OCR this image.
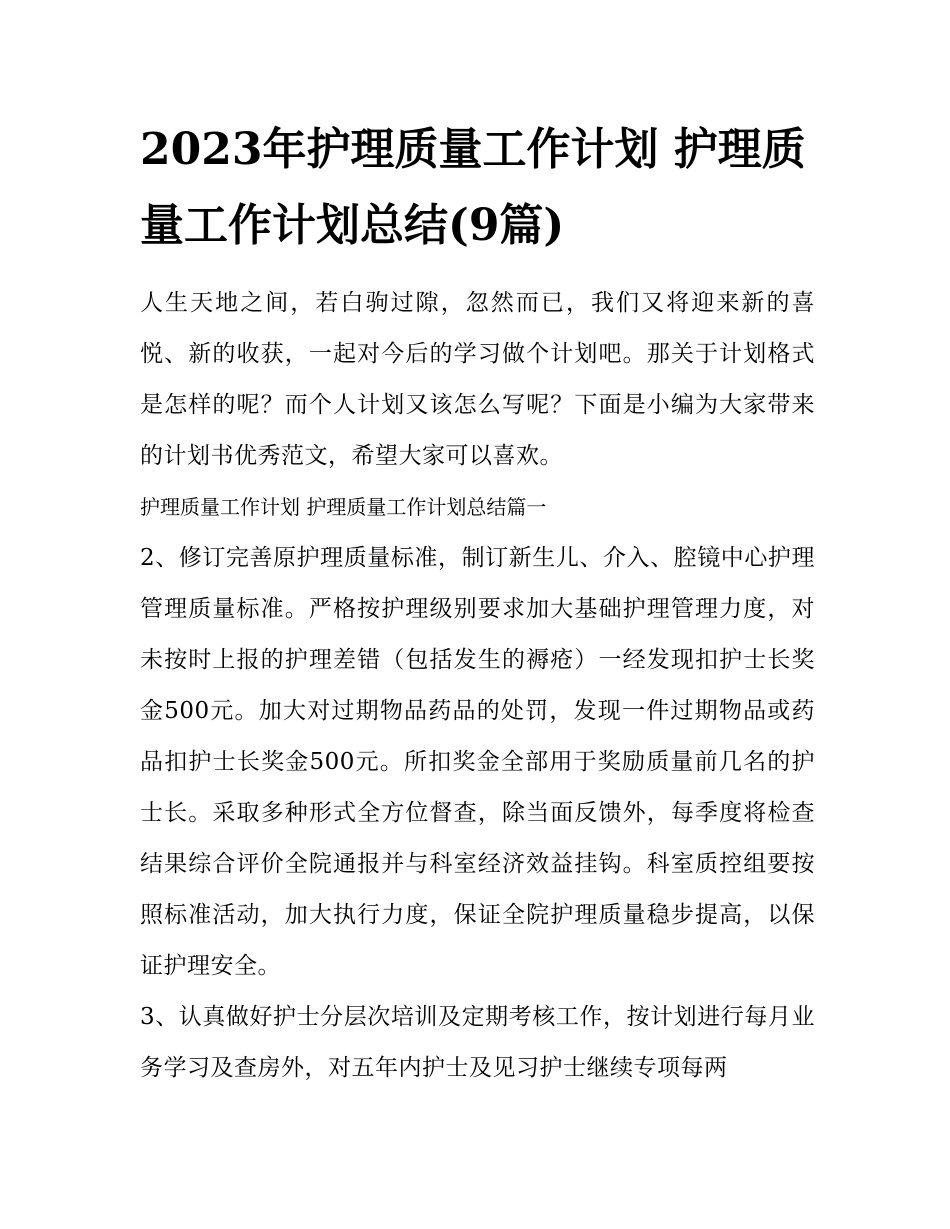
2023年护理质量工作计划 护理质量工作计划总结(9篇)

人生天地之间，若白驹过隙，忽然而已，我们又将迎来新的喜悦、新的收获，一起对今后的学习做个计划吧。那关于计划格式是怎样的呢？而个人计划又该怎么写呢？下面是小编为大家带来的计划书优秀范文，希望大家可以喜欢。

护理质量工作计划 护理质量工作计划总结篇一

2、修订完善原护理质量标准，制订新生儿、介入、腔镜中心护理管理质量标准。严格按护理级别要求加大基础护理管理力度，对未按时上报的护理差错（包括发生的褥疮）一经发现扣护士长奖金500元。加大对过期物品药品的处罚，发现一件过期物品或药品扣护士长奖金500元。所扣奖金全部用于奖励质量前几名的护士长。采取多种形式全方位督查，除当面反馈外，每季度将检查结果综合评价全院通报并与科室经济效益挂钩。科室质控组要按照标准活动，加大执行力度，保证全院护理质量稳步提高，以保证护理安全。

3、认真做好护士分层次培训及定期考核工作，按计划进行每月业务学习及查房外，对五年内护士及见习护士继续专项每两
